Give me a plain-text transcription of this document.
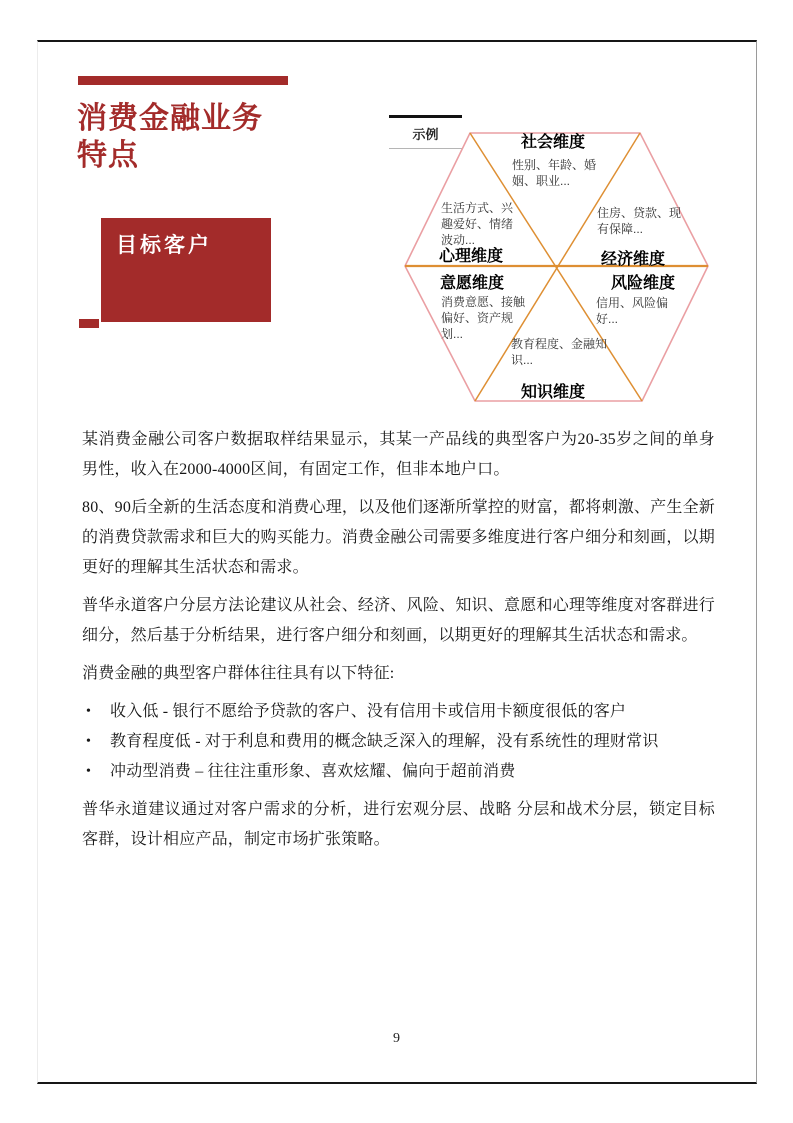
消费金融业务
特点
目标客户
示例	社会维度
性别、年龄、婚姻、职业...
心理维度
生活方式、兴趣爱好、情绪波动...
经济维度
住房、贷款、现有保障...
意愿维度
消费意愿、接触偏好、资产规划...
风险维度
信用、风险偏好...
知识维度
教育程度、金融知识...

某消费金融公司客户数据取样结果显示，其某一产品线的典型客户为20-35岁之间的单身男性，收入在2000-4000区间，有固定工作，但非本地户口。

80、90后全新的生活态度和消费心理，以及他们逐渐所掌控的财富，都将刺激、产生全新的消费贷款需求和巨大的购买能力。消费金融公司需要多维度进行客户细分和刻画，以期更好的理解其生活状态和需求。

普华永道客户分层方法论建议从社会、经济、风险、知识、意愿和心理等维度对客群进行细分，然后基于分析结果，进行客户细分和刻画，以期更好的理解其生活状态和需求。

消费金融的典型客户群体往往具有以下特征:

• 收入低 - 银行不愿给予贷款的客户、没有信用卡或信用卡额度很低的客户
• 教育程度低 - 对于利息和费用的概念缺乏深入的理解，没有系统性的理财常识
• 冲动型消费 – 往往注重形象、喜欢炫耀、偏向于超前消费

普华永道建议通过对客户需求的分析，进行宏观分层、战略 分层和战术分层，锁定目标客群，设计相应产品，制定市场扩张策略。

9
